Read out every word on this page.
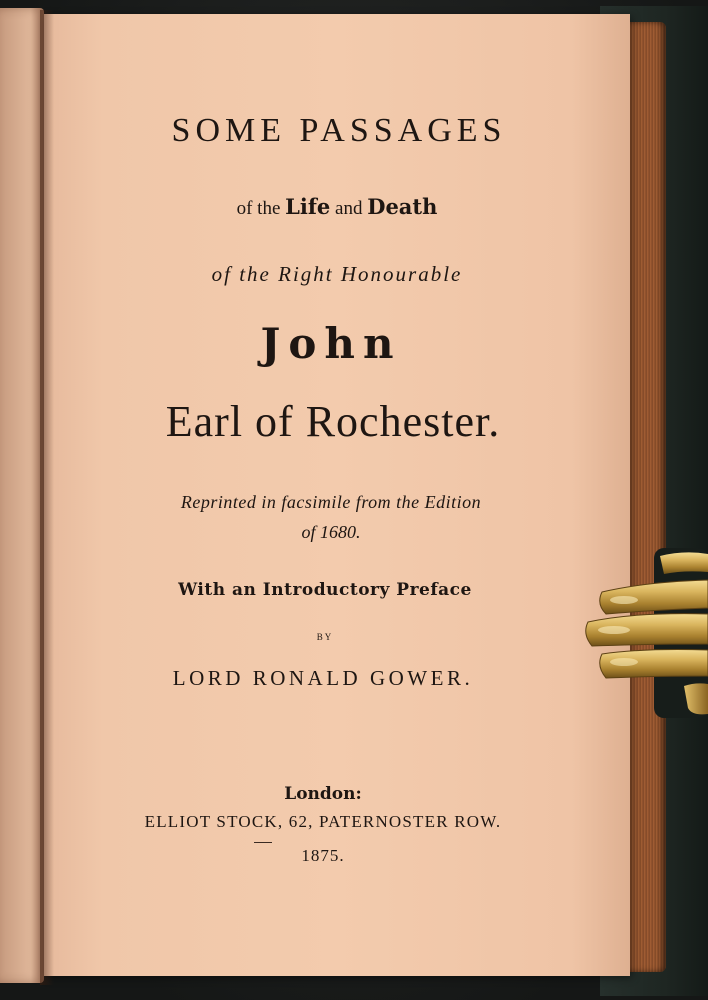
SOME PASSAGES
of the Life and Death
of the Right Honourable
John
Earl of Rochester.
Reprinted in facsimile from the Edition
of 1680.
With an Introductory Preface
BY
LORD RONALD GOWER.
London:
ELLIOT STOCK, 62, PATERNOSTER ROW.
1875.
